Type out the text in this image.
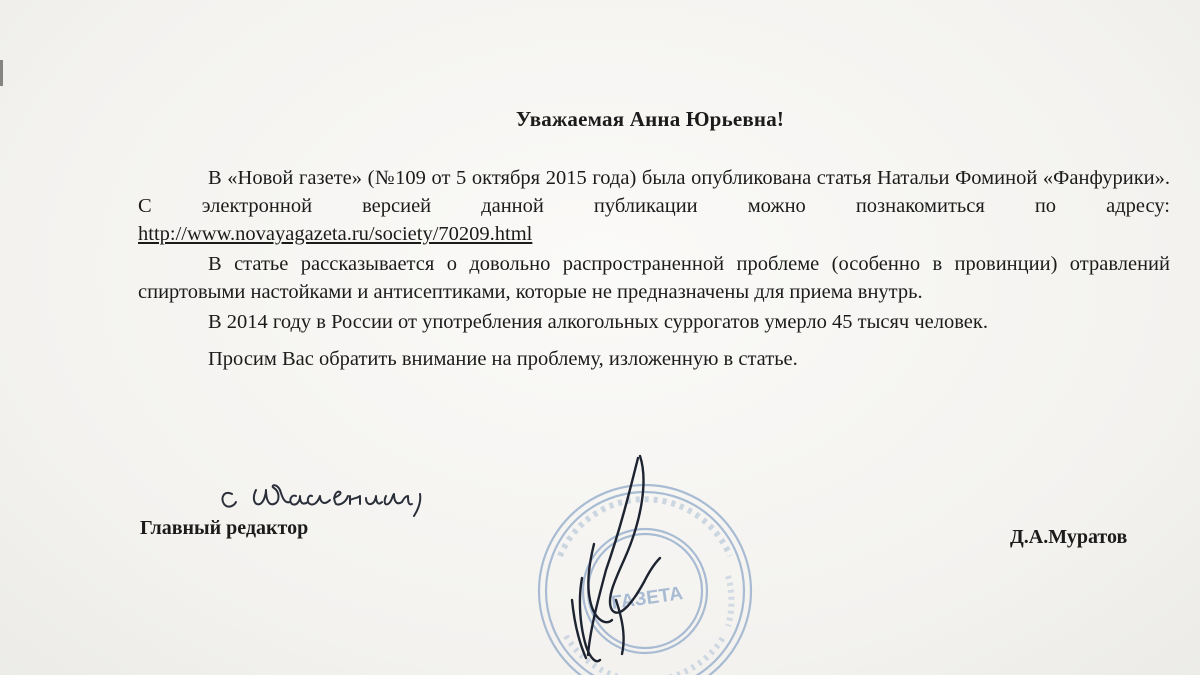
Уважаемая Анна Юрьевна!

В «Новой газете» (№109 от 5 октября 2015 года) была опубликована статья Натальи Фоминой «Фанфурики». С электронной версией данной публикации можно познакомиться по адресу: http://www.novayagazeta.ru/society/70209.html

В статье рассказывается о довольно распространенной проблеме (особенно в провинции) отравлений спиртовыми настойками и антисептиками, которые не предназначены для приема внутрь.

В 2014 году в России от употребления алкогольных суррогатов умерло 45 тысяч человек.

Просим Вас обратить внимание на проблему, изложенную в статье.

Главный редактор
ГАЗЕТА
Д.А.Муратов
